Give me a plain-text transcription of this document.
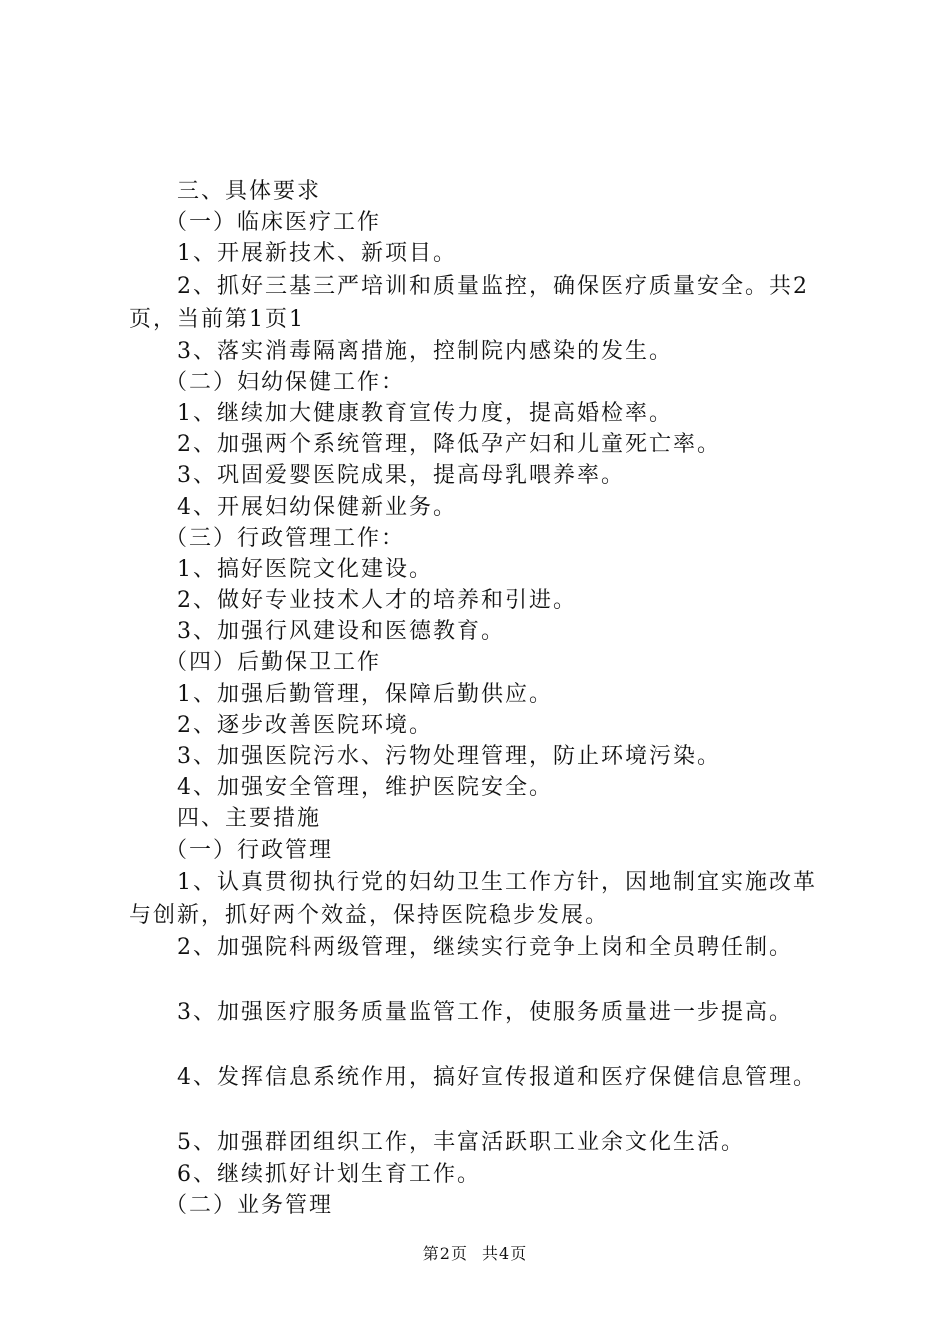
三、具体要求
（一）临床医疗工作
1、开展新技术、新项目。
2、抓好三基三严培训和质量监控，确保医疗质量安全。共2页，当前第1页1
3、落实消毒隔离措施，控制院内感染的发生。
（二）妇幼保健工作：
1、继续加大健康教育宣传力度，提高婚检率。
2、加强两个系统管理，降低孕产妇和儿童死亡率。
3、巩固爱婴医院成果，提高母乳喂养率。
4、开展妇幼保健新业务。
（三）行政管理工作：
1、搞好医院文化建设。
2、做好专业技术人才的培养和引进。
3、加强行风建设和医德教育。
（四）后勤保卫工作
1、加强后勤管理，保障后勤供应。
2、逐步改善医院环境。
3、加强医院污水、污物处理管理，防止环境污染。
4、加强安全管理，维护医院安全。
四、主要措施
（一）行政管理
1、认真贯彻执行党的妇幼卫生工作方针，因地制宜实施改革与创新，抓好两个效益，保持医院稳步发展。
2、加强院科两级管理，继续实行竞争上岗和全员聘任制。
3、加强医疗服务质量监管工作，使服务质量进一步提高。
4、发挥信息系统作用，搞好宣传报道和医疗保健信息管理。
5、加强群团组织工作，丰富活跃职工业余文化生活。
6、继续抓好计划生育工作。
（二）业务管理
第2页 共4页
